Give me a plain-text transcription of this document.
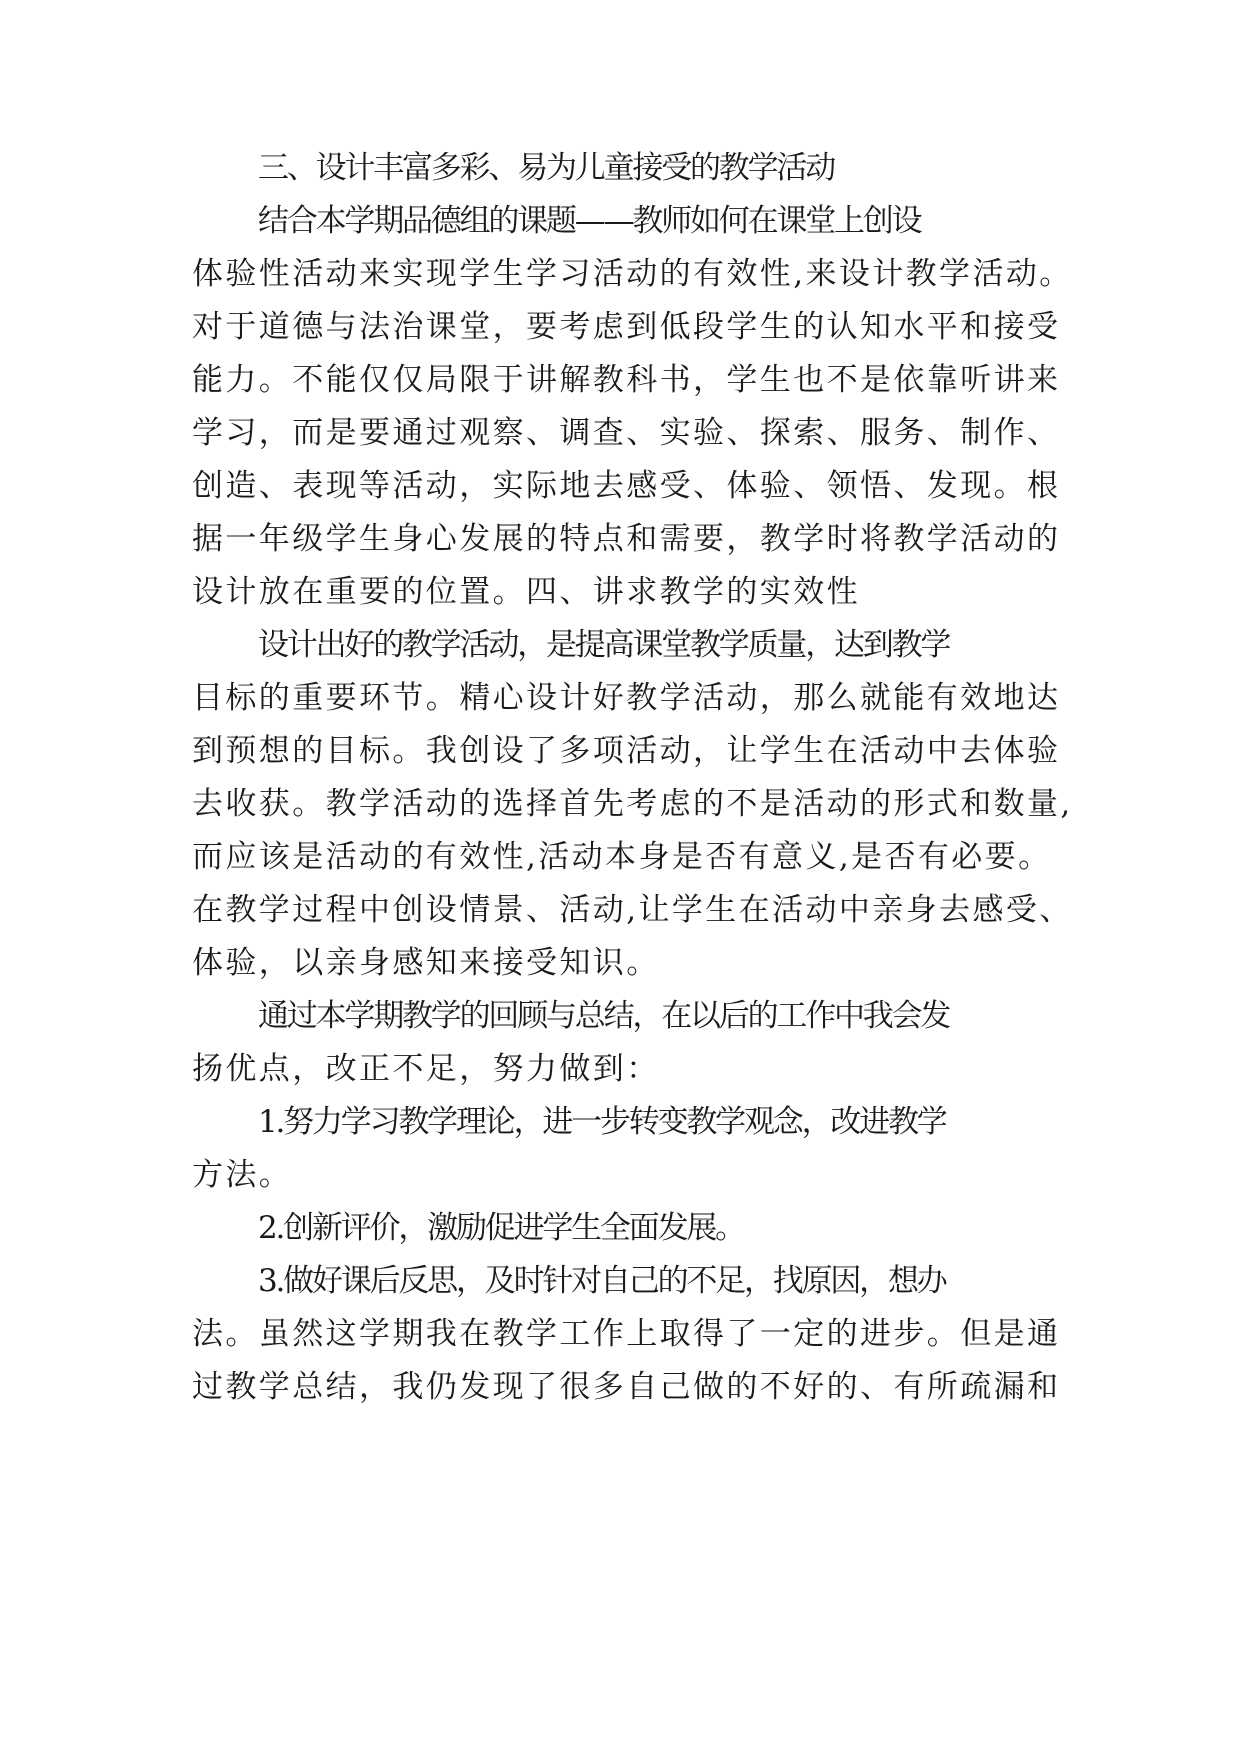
三、设计丰富多彩、易为儿童接受的教学活动
结合本学期品德组的课题——教师如何在课堂上创设
体验性活动来实现学生学习活动的有效性,来设计教学活动。
对于道德与法治课堂，要考虑到低段学生的认知水平和接受
能力。不能仅仅局限于讲解教科书，学生也不是依靠听讲来
学习，而是要通过观察、调查、实验、探索、服务、制作、
创造、表现等活动，实际地去感受、体验、领悟、发现。根
据一年级学生身心发展的特点和需要，教学时将教学活动的
设计放在重要的位置。四、讲求教学的实效性
设计出好的教学活动，是提高课堂教学质量，达到教学
目标的重要环节。精心设计好教学活动，那么就能有效地达
到预想的目标。我创设了多项活动，让学生在活动中去体验
去收获。教学活动的选择首先考虑的不是活动的形式和数量,
而应该是活动的有效性,活动本身是否有意义,是否有必要。
在教学过程中创设情景、活动,让学生在活动中亲身去感受、
体验，以亲身感知来接受知识。
通过本学期教学的回顾与总结，在以后的工作中我会发
扬优点，改正不足，努力做到：
1.努力学习教学理论，进一步转变教学观念，改进教学
方法。
2.创新评价，激励促进学生全面发展。
3.做好课后反思，及时针对自己的不足，找原因，想办
法。虽然这学期我在教学工作上取得了一定的进步。但是通
过教学总结，我仍发现了很多自己做的不好的、有所疏漏和
